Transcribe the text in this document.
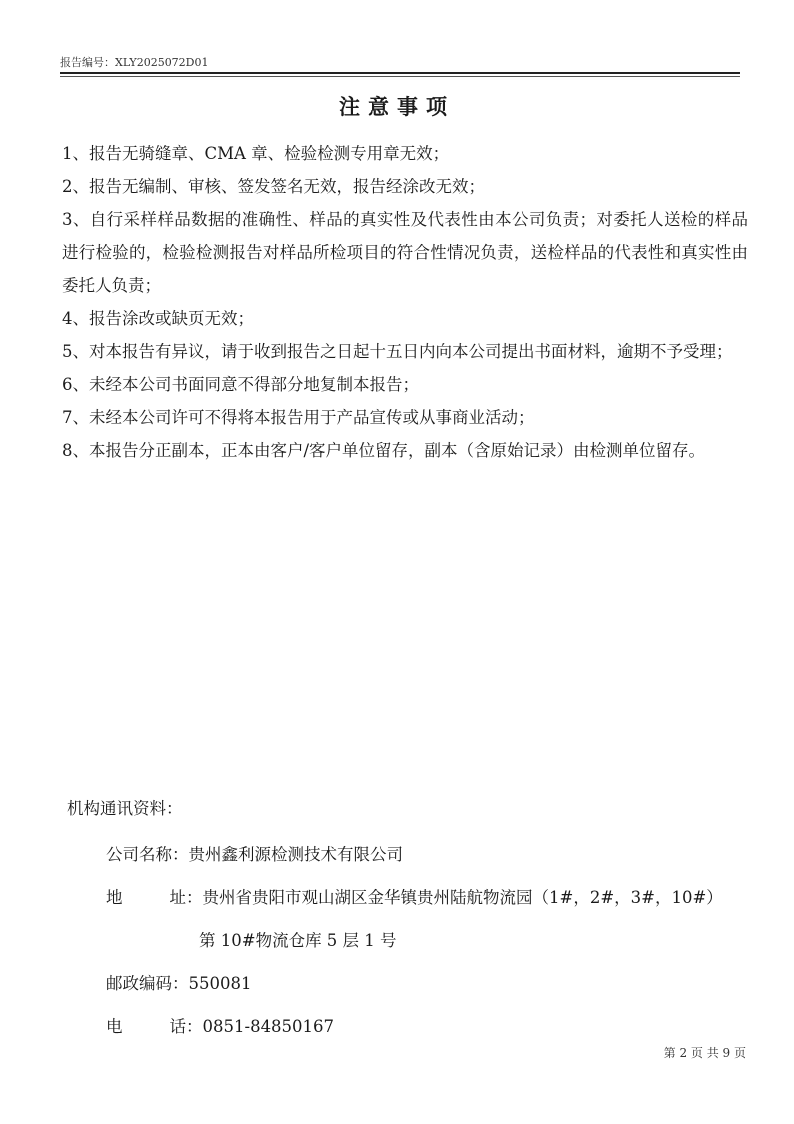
报告编号：XLY2025072D01
注意事项

1、报告无骑缝章、CMA 章、检验检测专用章无效；

2、报告无编制、审核、签发签名无效，报告经涂改无效；

3、自行采样样品数据的准确性、样品的真实性及代表性由本公司负责；对委托人送检的样品进行检验的，检验检测报告对样品所检项目的符合性情况负责，送检样品的代表性和真实性由委托人负责；

4、报告涂改或缺页无效；

5、对本报告有异议，请于收到报告之日起十五日内向本公司提出书面材料，逾期不予受理；

6、未经本公司书面同意不得部分地复制本报告；

7、未经本公司许可不得将本报告用于产品宣传或从事商业活动；

8、本报告分正副本，正本由客户/客户单位留存，副本（含原始记录）由检测单位留存。

机构通讯资料：
公司名称：贵州鑫利源检测技术有限公司
地　址：贵州省贵阳市观山湖区金华镇贵州陆航物流园（1#，2#，3#，10#）
第 10#物流仓库 5 层 1 号
邮政编码：550081
电　话：0851-84850167
第 2 页 共 9 页
